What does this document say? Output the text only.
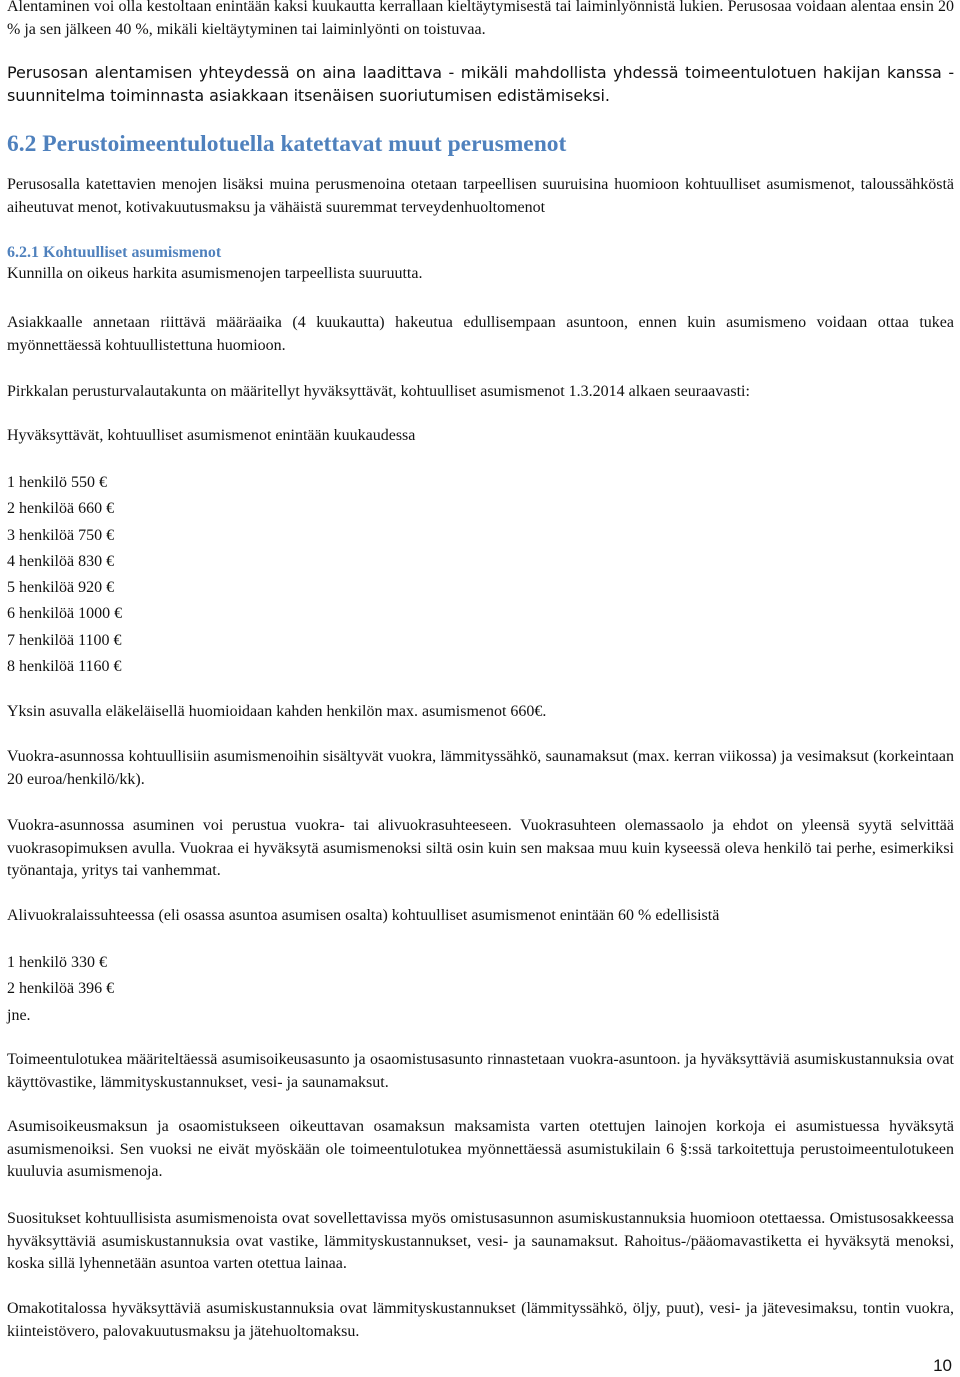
Alentaminen voi olla kestoltaan enintään kaksi kuukautta kerrallaan kieltäytymisestä tai laiminlyönnistä lukien. Perusosaa voidaan alentaa ensin 20 % ja sen jälkeen 40 %, mikäli kieltäytyminen tai laiminlyönti on toistuvaa.

Perusosan alentamisen yhteydessä on aina laadittava - mikäli mahdollista yhdessä toimeentulotuen hakijan kanssa - suunnitelma toiminnasta asiakkaan itsenäisen suoriutumisen edistämiseksi.

6.2 Perustoimeentulotuella katettavat muut perusmenot

Perusosalla katettavien menojen lisäksi muina perusmenoina otetaan tarpeellisen suuruisina huomioon kohtuulliset asumismenot, taloussähköstä aiheutuvat menot, kotivakuutusmaksu ja vähäistä suuremmat terveydenhuoltomenot

6.2.1 Kohtuulliset asumismenot

Kunnilla on oikeus harkita asumismenojen tarpeellista suuruutta.

Asiakkaalle annetaan riittävä määräaika (4 kuukautta) hakeutua edullisempaan asuntoon, ennen kuin asumismeno voidaan ottaa tukea myönnettäessä kohtuullistettuna huomioon.

Pirkkalan perusturvalautakunta on määritellyt hyväksyttävät, kohtuulliset asumismenot 1.3.2014 alkaen seuraavasti:

Hyväksyttävät, kohtuulliset asumismenot enintään kuukaudessa

1 henkilö 550 €
2 henkilöä 660 €
3 henkilöä 750 €
4 henkilöä 830 €
5 henkilöä 920 €
6 henkilöä 1000 €
7 henkilöä 1100 €
8 henkilöä 1160 €

Yksin asuvalla eläkeläisellä huomioidaan kahden henkilön max. asumismenot 660€.

Vuokra-asunnossa kohtuullisiin asumismenoihin sisältyvät vuokra, lämmityssähkö, saunamaksut (max. kerran viikossa) ja vesimaksut (korkeintaan 20 euroa/henkilö/kk).

Vuokra-asunnossa asuminen voi perustua vuokra- tai alivuokrasuhteeseen. Vuokrasuhteen olemassaolo ja ehdot on yleensä syytä selvittää vuokrasopimuksen avulla. Vuokraa ei hyväksytä asumismenoksi siltä osin kuin sen maksaa muu kuin kyseessä oleva henkilö tai perhe, esimerkiksi työnantaja, yritys tai vanhemmat.

Alivuokralaissuhteessa (eli osassa asuntoa asumisen osalta) kohtuulliset asumismenot enintään 60 % edellisistä

1 henkilö 330 €
2 henkilöä 396 €
jne.

Toimeentulotukea määriteltäessä asumisoikeusasunto ja osaomistusasunto rinnastetaan vuokra-asuntoon. ja hyväksyttäviä asumiskustannuksia ovat käyttövastike, lämmityskustannukset, vesi- ja saunamaksut.

Asumisoikeusmaksun ja osaomistukseen oikeuttavan osamaksun maksamista varten otettujen lainojen korkoja ei asumistuessa hyväksytä asumismenoiksi. Sen vuoksi ne eivät myöskään ole toimeentulotukea myönnettäessä asumistukilain 6 §:ssä tarkoitettuja perustoimeentulotukeen kuuluvia asumismenoja.

Suositukset kohtuullisista asumismenoista ovat sovellettavissa myös omistusasunnon asumiskustannuksia huomioon otettaessa. Omistusosakkeessa hyväksyttäviä asumiskustannuksia ovat vastike, lämmityskustannukset, vesi- ja saunamaksut. Rahoitus-/pääomavastiketta ei hyväksytä menoksi, koska sillä lyhennetään asuntoa varten otettua lainaa.

Omakotitalossa hyväksyttäviä asumiskustannuksia ovat lämmityskustannukset (lämmityssähkö, öljy, puut), vesi- ja jätevesimaksu, tontin vuokra, kiinteistövero, palovakuutusmaksu ja jätehuoltomaksu.

10
